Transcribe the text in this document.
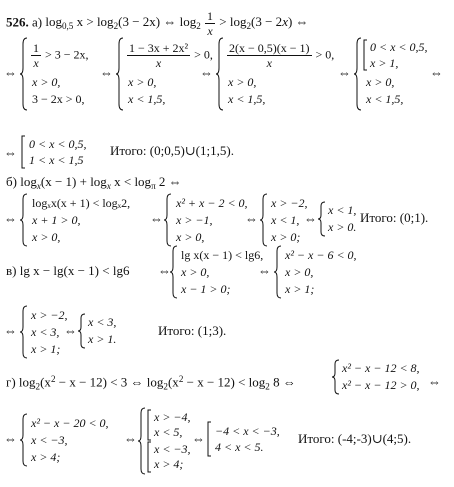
526. а) $\log_{0,5} x > \log_2(3 - 2x)$ ⇔ $\log_2 \frac{1}{x} > \log_2(3 - 2x)$ ⇔
⇔
$\frac{1}{x} > 3 - 2x$,
x > 0,
3 − 2x > 0,
⇔
$\frac{\text{1 − 3x + 2x²}}{x} > 0$,
x > 0,
x < 1,5,
⇔
$\frac{2(x - 0,5)(x - 1)}{x} > 0$,
x > 0,
x < 1,5,
⇔
0 < x < 0,5,
x > 1,
x > 0,
x < 1,5,
⇔
⇔
0 < x < 0,5,
1 < x < 1,5
Итого: (0;0,5)∪(1;1,5).
б) $\log_x(x - 1) + \log_x x < \log_\pi 2$ ⇔
⇔
logₓx(x + 1) < logₓ2,
x + 1 > 0,
x > 0,
⇔
x² + x − 2 < 0,
x > −1,
x > 0,
⇔
x > −2,
x < 1,
x > 0;
⇔
x < 1,
x > 0.
Итого: (0;1).
в) lg x − lg(x − 1) < lg6 ⇔
lg x(x − 1) < lg6,
x > 0,
x − 1 > 0;
⇔
x² − x − 6 < 0,
x > 0,
x > 1;
⇔
x > −2,
x < 3,
x > 1;
⇔
x < 3,
x > 1.
Итого: (1;3).
г) $\log_2(x^2 - x - 12) < 3$ ⇔ $\log_2(x^2 - x - 12) < \log_2 8$ ⇔
x² − x − 12 < 8,
x² − x − 12 > 0, ⇔
⇔
x² − x − 20 < 0,
x < −3,
x > 4;
⇔
x > −4,
x < 5,
x < −3,
x > 4;
⇔ −4 < x < −3,
4 < x < 5.
Итого: (-4;-3)∪(4;5).
